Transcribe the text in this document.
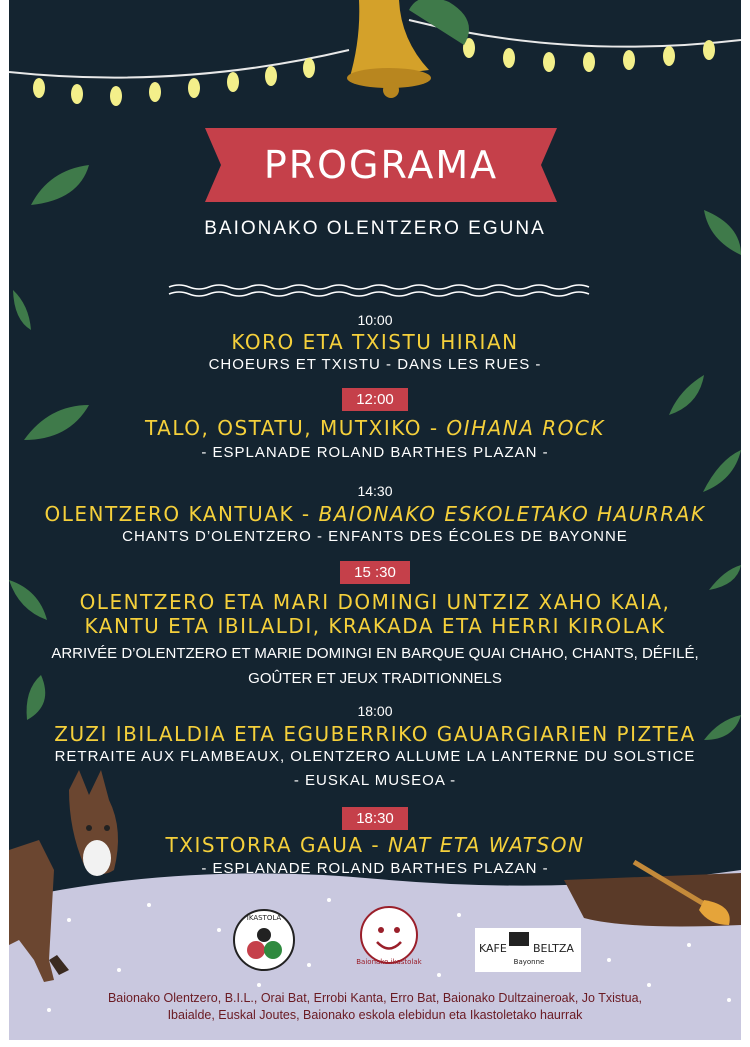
PROGRAMA
BAIONAKO OLENTZERO EGUNA
10:00
KORO ETA TXISTU HIRIAN
CHOEURS ET TXISTU - DANS LES RUES -
12:00
TALO, OSTATU, MUTXIKO - OIHANA ROCK
- ESPLANADE ROLAND BARTHES PLAZAN -
14:30
OLENTZERO KANTUAK - BAIONAKO ESKOLETAKO HAURRAK
CHANTS D’OLENTZERO - ENFANTS DES ÉCOLES DE BAYONNE
15 :30
OLENTZERO ETA MARI DOMINGI UNTZIZ XAHO KAIA,
KANTU ETA IBILALDI, KRAKADA ETA HERRI KIROLAK
ARRIVÉE D’OLENTZERO ET MARIE DOMINGI EN BARQUE QUAI CHAHO, CHANTS, DÉFILÉ,
GOÛTER ET JEUX TRADITIONNELS
18:00
ZUZI IBILALDIA ETA EGUBERRIKO GAUARGIARIEN PIZTEA
RETRAITE AUX FLAMBEAUX, OLENTZERO ALLUME LA LANTERNE DU SOLSTICE
- EUSKAL MUSEOA -
18:30
TXISTORRA GAUA - NAT ETA WATSON
- ESPLANADE ROLAND BARTHES PLAZAN -
IKASTOLA
Baionako ikastolak
KAFE	BELTZA
Bayonne
Baionako Olentzero, B.I.L., Orai Bat, Errobi Kanta, Erro Bat, Baionako Dultzaineroak, Jo Txistua,
Ibaialde, Euskal Joutes, Baionako eskola elebidun eta Ikastoletako haurrak
